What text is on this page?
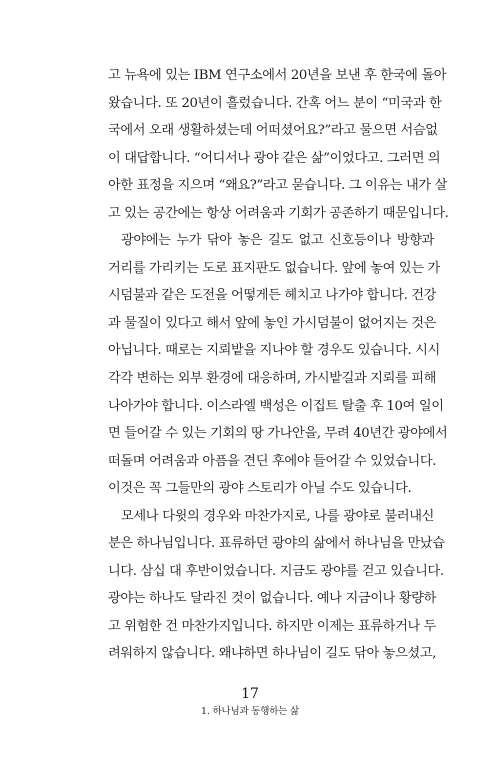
고 뉴욕에 있는 IBM 연구소에서 20년을 보낸 후 한국에 돌아
왔습니다. 또 20년이 흘렀습니다. 간혹 어느 분이 “미국과 한
국에서 오래 생활하셨는데 어떠셨어요?”라고 물으면 서슴없
이 대답합니다. “어디서나 광야 같은 삶”이었다고. 그러면 의
아한 표정을 지으며 “왜요?”라고 묻습니다. 그 이유는 내가 살
고 있는 공간에는 항상 어려움과 기회가 공존하기 때문입니다.
광야에는 누가 닦아 놓은 길도 없고 신호등이나 방향과
거리를 가리키는 도로 표지판도 없습니다. 앞에 놓여 있는 가
시덤불과 같은 도전을 어떻게든 헤치고 나가야 합니다. 건강
과 물질이 있다고 해서 앞에 놓인 가시덤불이 없어지는 것은
아닙니다. 때로는 지뢰밭을 지나야 할 경우도 있습니다. 시시
각각 변하는 외부 환경에 대응하며, 가시밭길과 지뢰를 피해
나아가야 합니다. 이스라엘 백성은 이집트 탈출 후 10여 일이
면 들어갈 수 있는 기회의 땅 가나안을, 무려 40년간 광야에서
떠돌며 어려움과 아픔을 견딘 후에야 들어갈 수 있었습니다.
이것은 꼭 그들만의 광야 스토리가 아닐 수도 있습니다.
모세나 다윗의 경우와 마찬가지로, 나를 광야로 불러내신
분은 하나님입니다. 표류하던 광야의 삶에서 하나님을 만났습
니다. 삼십 대 후반이었습니다. 지금도 광야를 걷고 있습니다.
광야는 하나도 달라진 것이 없습니다. 예나 지금이나 황량하
고 위험한 건 마찬가지입니다. 하지만 이제는 표류하거나 두
려워하지 않습니다. 왜냐하면 하나님이 길도 닦아 놓으셨고,
17
1. 하나님과 동행하는 삶
